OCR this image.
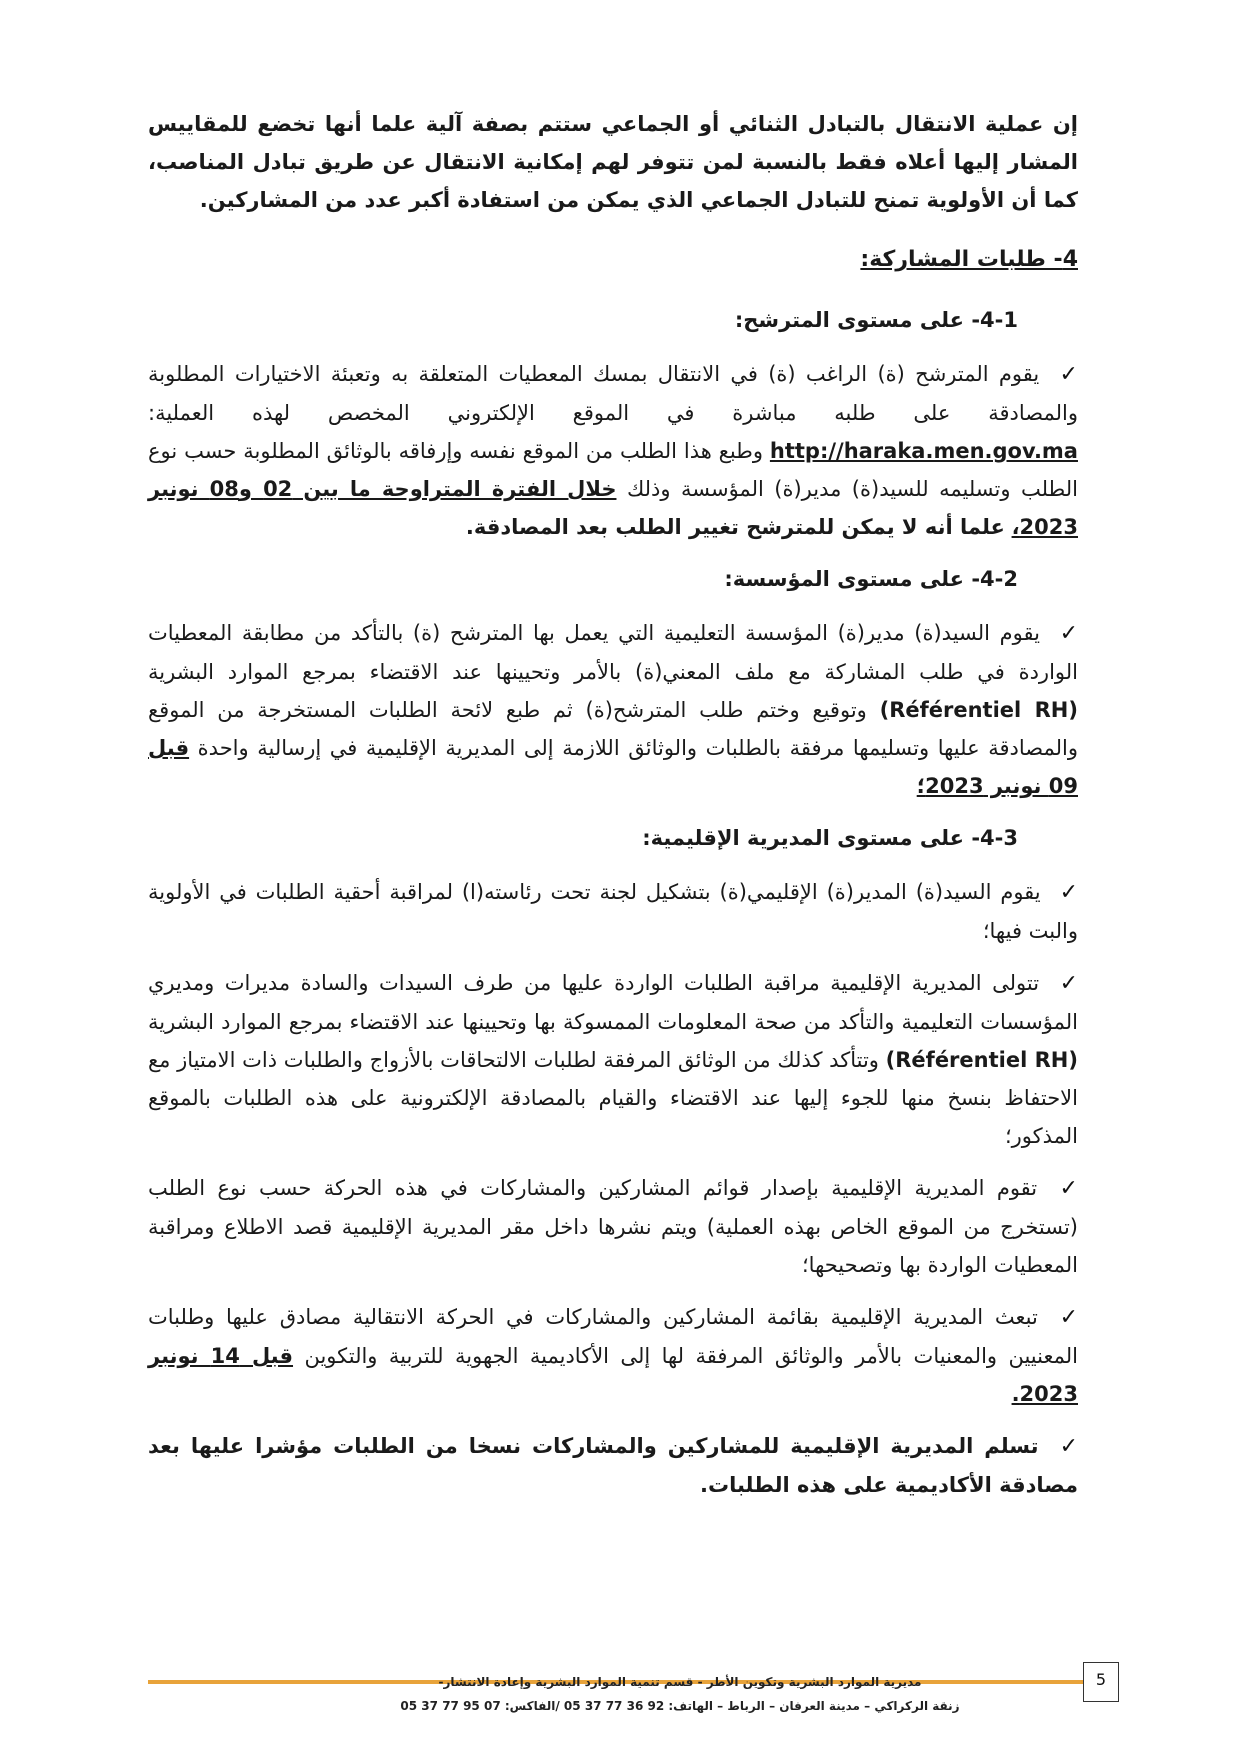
إن عملية الانتقال بالتبادل الثنائي أو الجماعي ستتم بصفة آلية علما أنها تخضع للمقاييس المشار إليها أعلاه فقط بالنسبة لمن تتوفر لهم إمكانية الانتقال عن طريق تبادل المناصب، كما أن الأولوية تمنح للتبادل الجماعي الذي يمكن من استفادة أكبر عدد من المشاركين.

4- طلبات المشاركة:
4-1- على مستوى المترشح:

✓ يقوم المترشح (ة) الراغب (ة) في الانتقال بمسك المعطيات المتعلقة به وتعبئة الاختيارات المطلوبة والمصادقة على طلبه مباشرة في الموقع الإلكتروني المخصص لهذه العملية: http://haraka.men.gov.ma وطبع هذا الطلب من الموقع نفسه وإرفاقه بالوثائق المطلوبة حسب نوع الطلب وتسليمه للسيد(ة) مدير(ة) المؤسسة وذلك خلال الفترة المتراوحة ما بين 02 و08 نونبر 2023، علما أنه لا يمكن للمترشح تغيير الطلب بعد المصادقة.

4-2- على مستوى المؤسسة:

✓ يقوم السيد(ة) مدير(ة) المؤسسة التعليمية التي يعمل بها المترشح (ة) بالتأكد من مطابقة المعطيات الواردة في طلب المشاركة مع ملف المعني(ة) بالأمر وتحيينها عند الاقتضاء بمرجع الموارد البشرية (Référentiel RH) وتوقيع وختم طلب المترشح(ة) ثم طبع لائحة الطلبات المستخرجة من الموقع والمصادقة عليها وتسليمها مرفقة بالطلبات والوثائق اللازمة إلى المديرية الإقليمية في إرسالية واحدة قبل 09 نونبر 2023؛

4-3- على مستوى المديرية الإقليمية:

✓ يقوم السيد(ة) المدير(ة) الإقليمي(ة) بتشكيل لجنة تحت رئاسته(ا) لمراقبة أحقية الطلبات في الأولوية والبت فيها؛

✓ تتولى المديرية الإقليمية مراقبة الطلبات الواردة عليها من طرف السيدات والسادة مديرات ومديري المؤسسات التعليمية والتأكد من صحة المعلومات الممسوكة بها وتحيينها عند الاقتضاء بمرجع الموارد البشرية (Référentiel RH) وتتأكد كذلك من الوثائق المرفقة لطلبات الالتحاقات بالأزواج والطلبات ذات الامتياز مع الاحتفاظ بنسخ منها للجوء إليها عند الاقتضاء والقيام بالمصادقة الإلكترونية على هذه الطلبات بالموقع المذكور؛

✓ تقوم المديرية الإقليمية بإصدار قوائم المشاركين والمشاركات في هذه الحركة حسب نوع الطلب (تستخرج من الموقع الخاص بهذه العملية) ويتم نشرها داخل مقر المديرية الإقليمية قصد الاطلاع ومراقبة المعطيات الواردة بها وتصحيحها؛

✓ تبعث المديرية الإقليمية بقائمة المشاركين والمشاركات في الحركة الانتقالية مصادق عليها وطلبات المعنيين والمعنيات بالأمر والوثائق المرفقة لها إلى الأكاديمية الجهوية للتربية والتكوين قبل 14 نونبر 2023.

✓ تسلم المديرية الإقليمية للمشاركين والمشاركات نسخا من الطلبات مؤشرا عليها بعد مصادقة الأكاديمية على هذه الطلبات.

مديرية الموارد البشرية وتكوين الأطر - قسم تنمية الموارد البشرية وإعادة الانتشار-
زنقة الركراكي – مدينة العرفان – الرباط – الهاتف: 92 36 77 37 05 /الفاكس: 07 95 77 37 05
5
